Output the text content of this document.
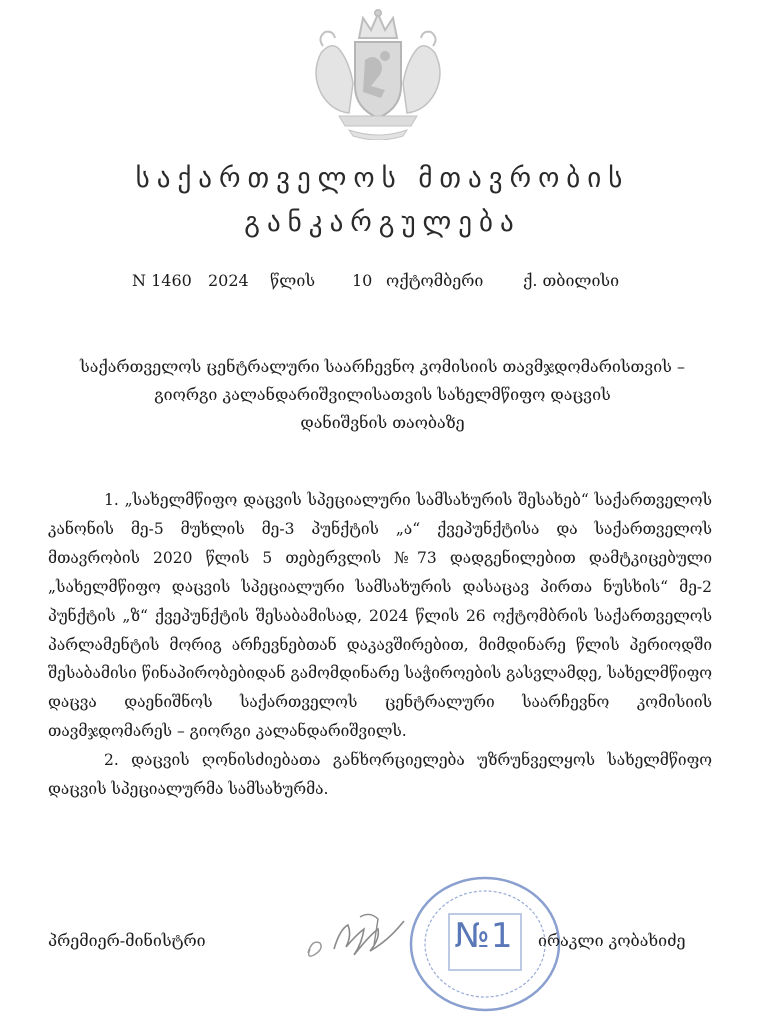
საქართველოს მთავრობის
განკარგულება
N 1460 2024 წლის 10 ოქტომბერი ქ. თბილისი
საქართველოს ცენტრალური საარჩევნო კომისიის თავმჯდომარისთვის –
გიორგი კალანდარიშვილისათვის სახელმწიფო დაცვის
დანიშვნის თაობაზე
1. „სახელმწიფო დაცვის სპეციალური სამსახურის შესახებ“ საქართველოს კანონის მე-5 მუხლის მე-3 პუნქტის „ა“ ქვეპუნქტისა და საქართველოს მთავრობის 2020 წლის 5 თებერვლის №73 დადგენილებით დამტკიცებული „სახელმწიფო დაცვის სპეციალური სამსახურის დასაცავ პირთა ნუსხის“ მე-2 პუნქტის „ზ“ ქვეპუნქტის შესაბამისად, 2024 წლის 26 ოქტომბრის საქართველოს პარლამენტის მორიგ არჩევნებთან დაკავშირებით, მიმდინარე წლის პერიოდში შესაბამისი წინაპირობებიდან გამომდინარე საჭიროების გასვლამდე, სახელმწიფო დაცვა დაენიშნოს საქართველოს ცენტრალური საარჩევნო კომისიის თავმჯდომარეს – გიორგი კალანდარიშვილს.
2. დაცვის ღონისძიებათა განხორციელება უზრუნველყოს სახელმწიფო დაცვის სპეციალურმა სამსახურმა.
№1
პრემიერ-მინისტრი	ირაკლი კობახიძე
